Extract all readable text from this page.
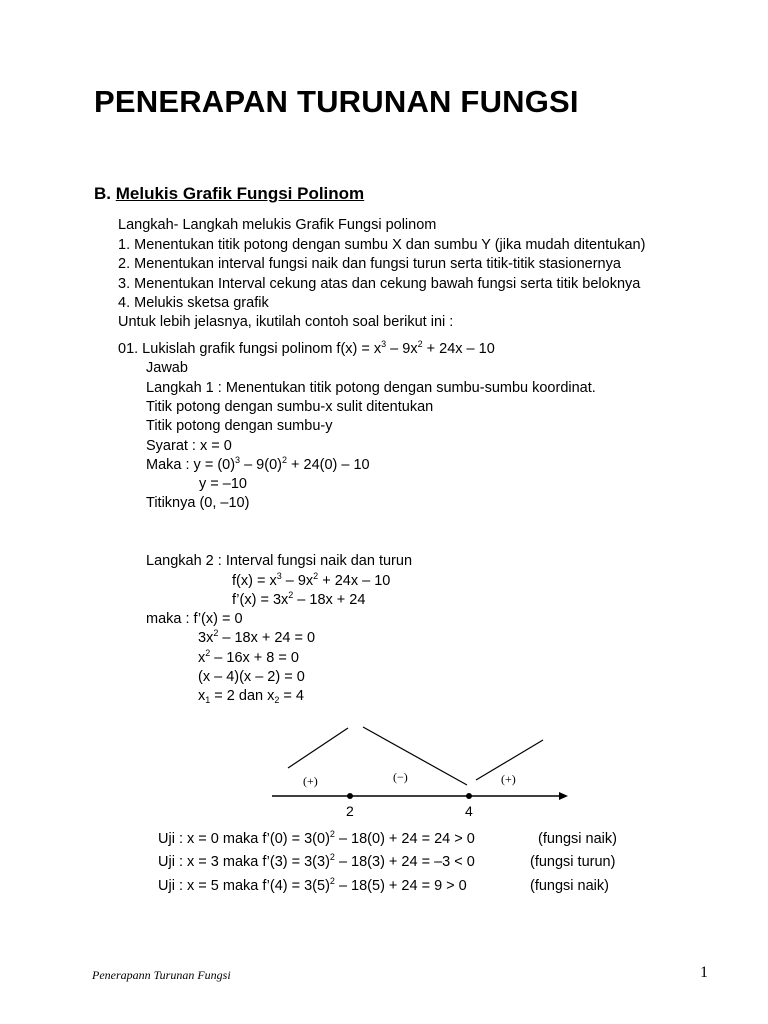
PENERAPAN TURUNAN FUNGSI
B. Melukis Grafik Fungsi Polinom
Langkah- Langkah melukis Grafik Fungsi polinom
1. Menentukan titik potong dengan sumbu X dan sumbu Y (jika mudah ditentukan)
2. Menentukan interval fungsi naik dan fungsi turun serta titik-titik stasionernya
3. Menentukan Interval cekung atas dan cekung bawah fungsi serta titik beloknya
4. Melukis sketsa grafik
Untuk lebih jelasnya, ikutilah contoh soal berikut ini :
01. Lukislah grafik fungsi polinom $f(x) = x^3 - 9x^2 + 24x - 10$
Jawab
Langkah 1 : Menentukan titik potong dengan sumbu-sumbu koordinat.
Titik potong dengan sumbu-x sulit ditentukan
Titik potong dengan sumbu-y
Syarat : x = 0
Maka : $y = (0)^3 - 9(0)^2 + 24(0) - 10$
y = –10
Titiknya (0, –10)
Langkah 2 : Interval fungsi naik dan turun
$f(x) = x^3 - 9x^2 + 24x - 10$
f’(x) = $3x^2 - 18x + 24$
maka : f’(x) = 0
$3x^2 - 18x + 24 = 0$
$x^2 - 16x + 8 = 0$
(x – 4)(x – 2) = 0
$x_1 = 2$ dan $x_2 = 4$
(+)	(−)	(+)
2	4
Uji : x = 0 maka f’(0) = $3(0)^2 - 18(0) + 24 = 24 > 0$	(fungsi naik)
Uji : x = 3 maka f’(3) = $3(3)^2 - 18(3) + 24 = -3 < 0$	(fungsi turun)
Uji : x = 5 maka f’(4) = $3(5)^2 - 18(5) + 24 = 9 > 0$	(fungsi naik)
Penerapann Turunan Fungsi	1
